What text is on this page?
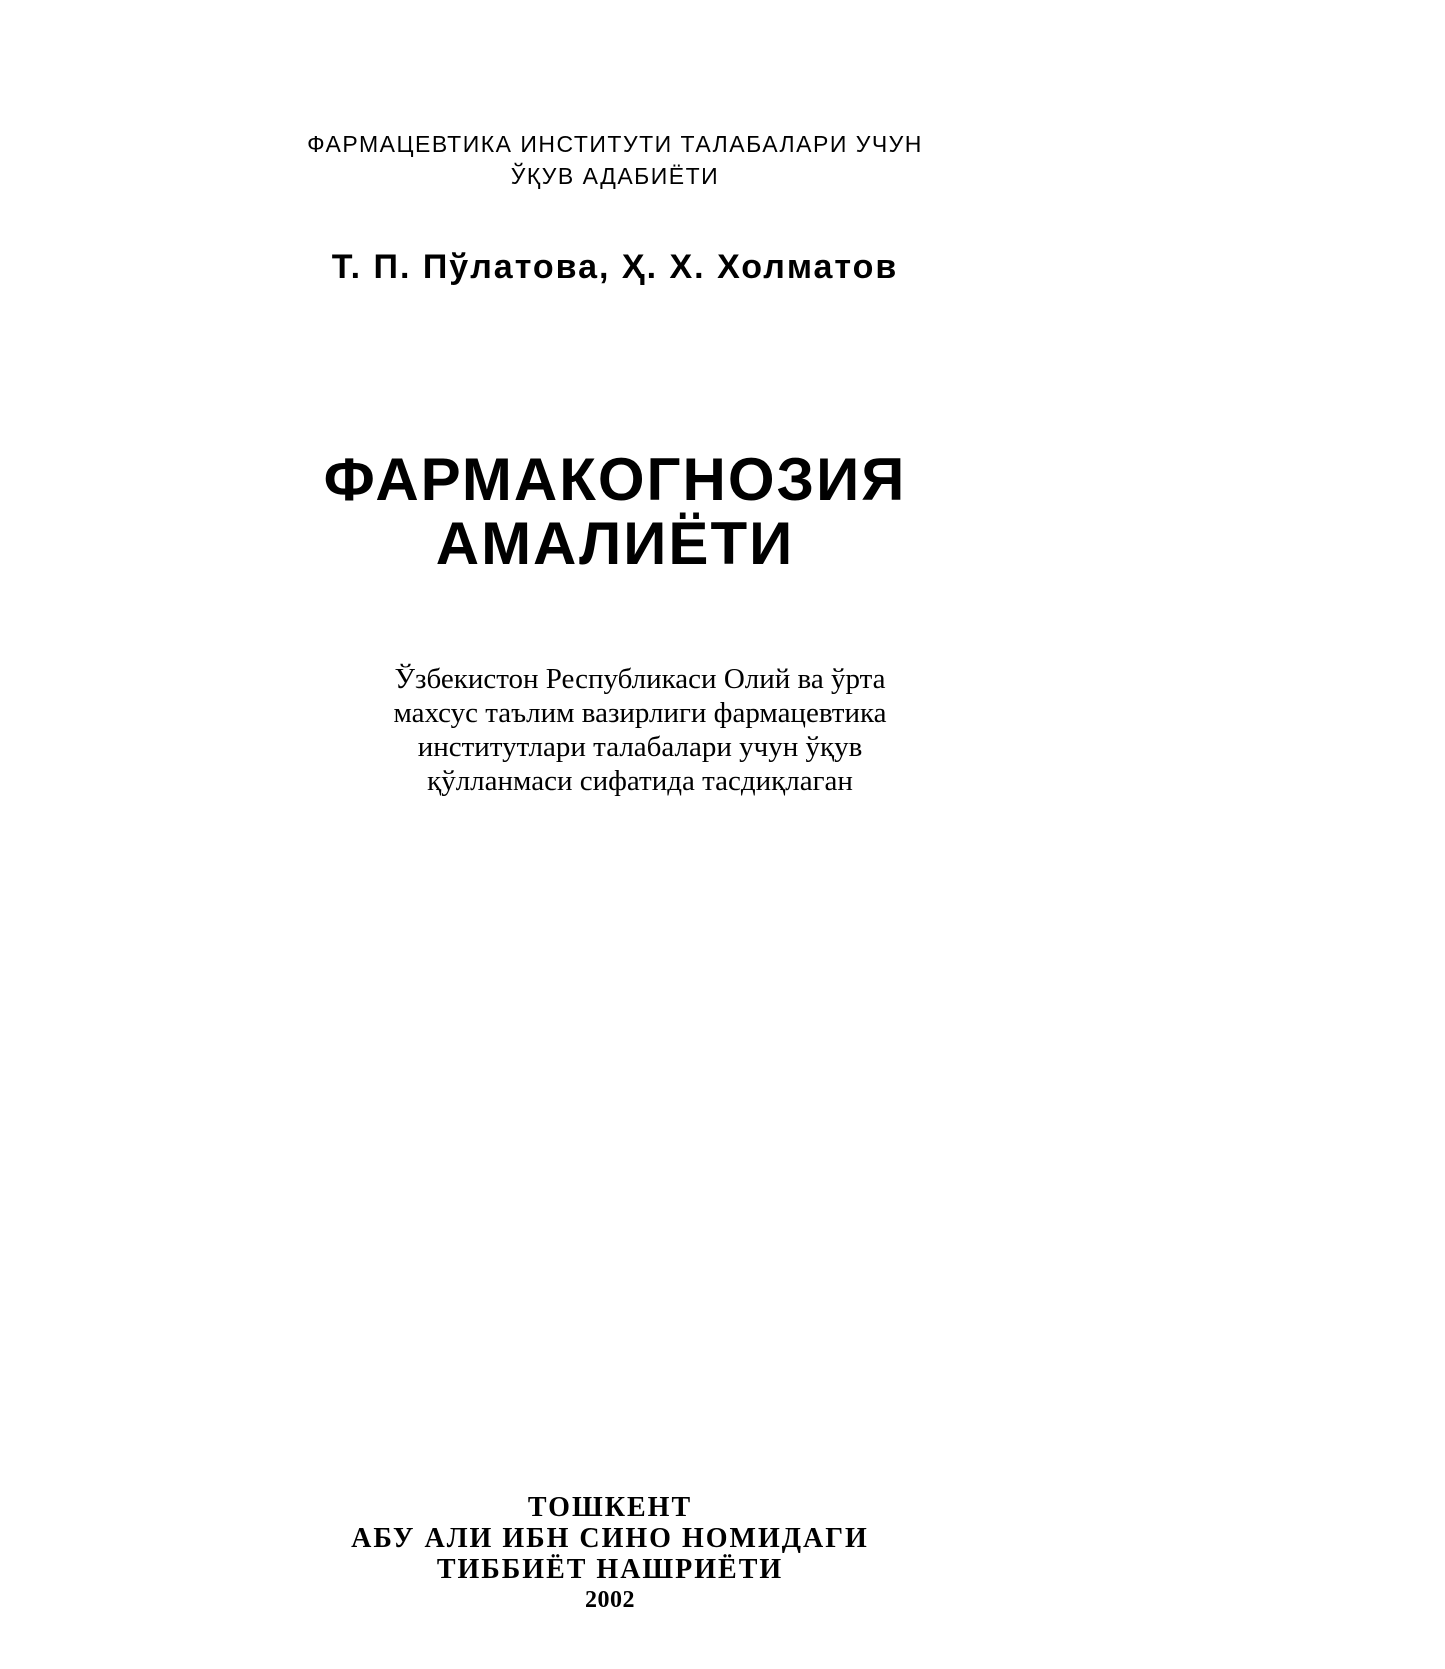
ФАРМАЦЕВТИКА ИНСТИТУТИ ТАЛАБАЛАРИ УЧУН
ЎҚУВ АДАБИЁТИ
Т. П. Пўлатова, Ҳ. Х. Холматов
ФАРМАКОГНОЗИЯ
АМАЛИЁТИ
Ўзбекистон Республикаси Олий ва ўрта
махсус таълим вазирлиги фармацевтика
институтлари талабалари учун ўқув
қўлланмаси сифатида тасдиқлаган
ТОШКЕНТ
АБУ АЛИ ИБН СИНО НОМИДАГИ
ТИББИЁТ НАШРИЁТИ
2002
